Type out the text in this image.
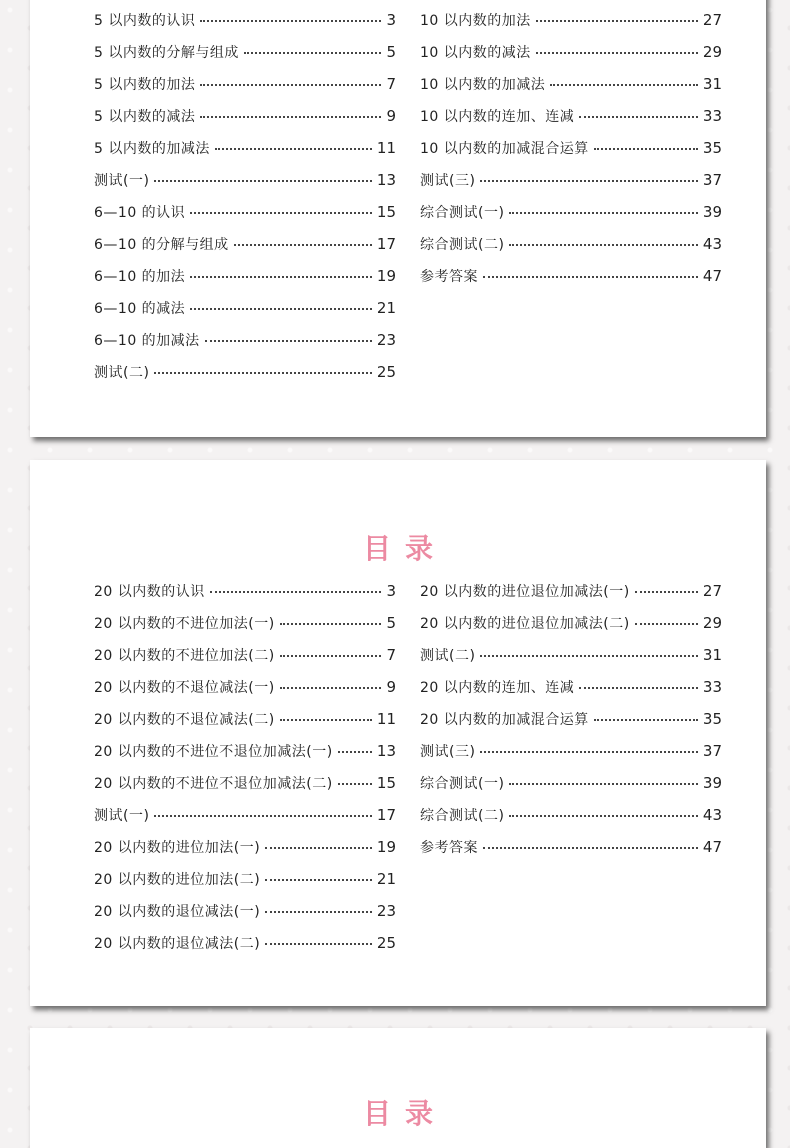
5 以内数的认识	3
5 以内数的分解与组成	5
5 以内数的加法	7
5 以内数的减法	9
5 以内数的加减法	11
测试(一)	13
6—10 的认识	15
6—10 的分解与组成	17
6—10 的加法	19
6—10 的减法	21
6—10 的加减法	23
测试(二)	25
10 以内数的加法	27
10 以内数的减法	29
10 以内数的加减法	31
10 以内数的连加、连减	33
10 以内数的加减混合运算	35
测试(三)	37
综合测试(一)	39
综合测试(二)	43
参考答案	47
目录
20 以内数的认识	3
20 以内数的不进位加法(一)	5
20 以内数的不进位加法(二)	7
20 以内数的不退位减法(一)	9
20 以内数的不退位减法(二)	11
20 以内数的不进位不退位加减法(一)	13
20 以内数的不进位不退位加减法(二)	15
测试(一)	17
20 以内数的进位加法(一)	19
20 以内数的进位加法(二)	21
20 以内数的退位减法(一)	23
20 以内数的退位减法(二)	25
20 以内数的进位退位加减法(一)	27
20 以内数的进位退位加减法(二)	29
测试(二)	31
20 以内数的连加、连减	33
20 以内数的加减混合运算	35
测试(三)	37
综合测试(一)	39
综合测试(二)	43
参考答案	47
目录
